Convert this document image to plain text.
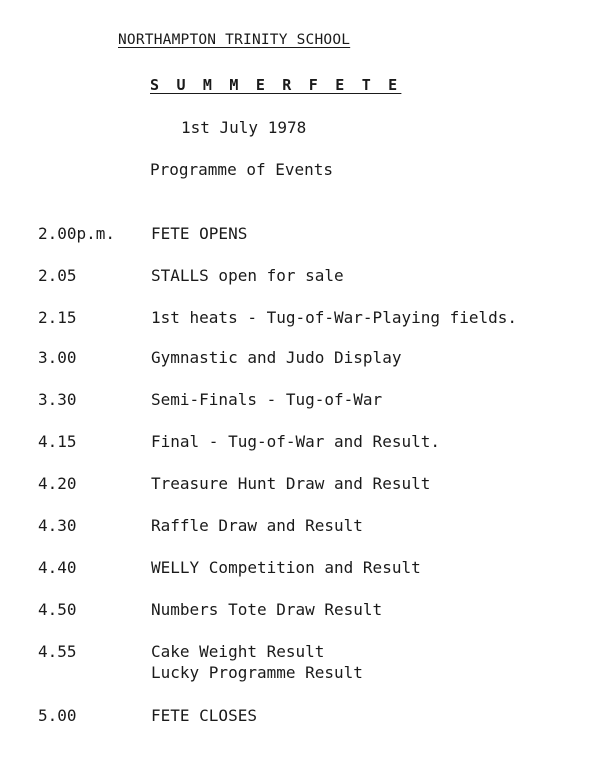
NORTHAMPTON TRINITY SCHOOL
S U M M E R F E T E
1st July 1978
Programme of Events
2.00p.m. FETE OPENS
2.05	STALLS open for sale
2.15	1st heats - Tug-of-War-Playing fields.
3.00	Gymnastic and Judo Display
3.30	Semi-Finals - Tug-of-War
4.15	Final - Tug-of-War and Result.
4.20	Treasure Hunt Draw and Result
4.30	Raffle Draw and Result
4.40	WELLY Competition and Result
4.50	Numbers Tote Draw Result
4.55	Cake Weight Result
Lucky Programme Result
5.00	FETE CLOSES
